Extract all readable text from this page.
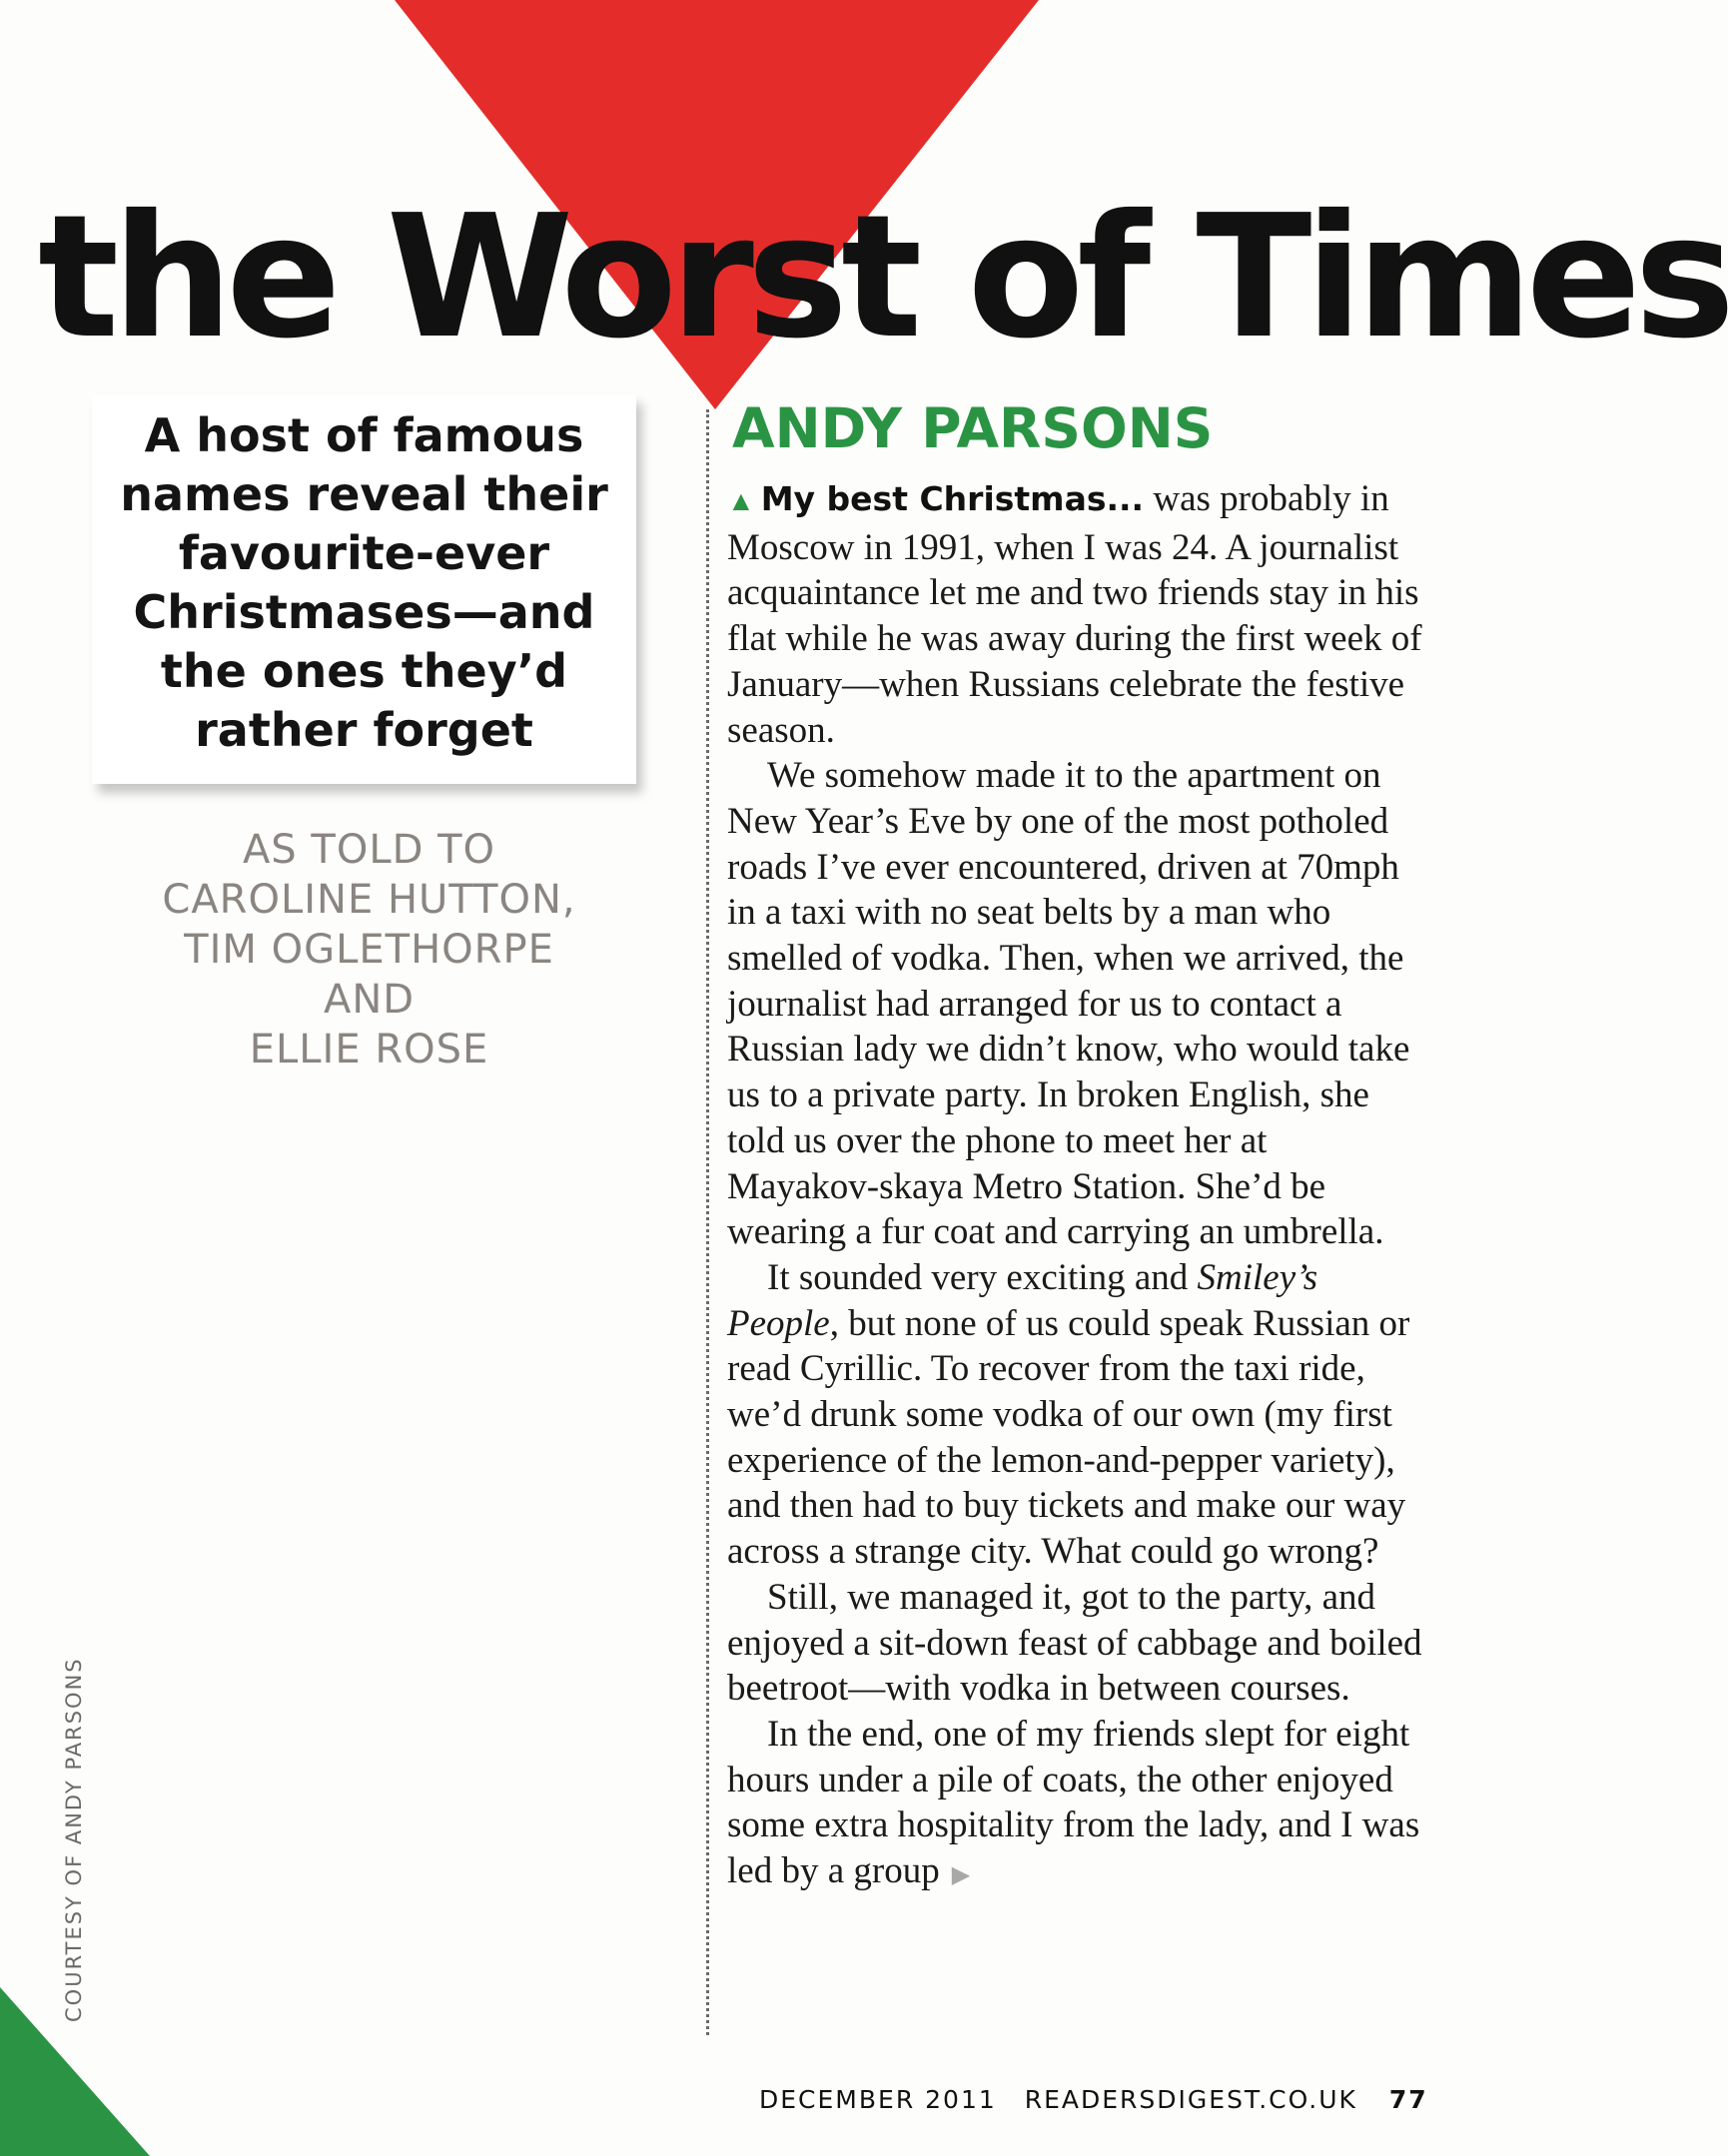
the Worst of Times

A host of famous names reveal their favourite-ever Christmases—and the ones they’d rather forget

AS TOLD TO
CAROLINE HUTTON,
TIM OGLETHORPE
AND
ELLIE ROSE
ANDY PARSONS

▲ My best Christmas... was probably in Moscow in 1991, when I was 24. A journalist acquaintance let me and two friends stay in his flat while he was away during the first week of January—when Russians celebrate the festive season.

We somehow made it to the apartment on New Year’s Eve by one of the most potholed roads I’ve ever encountered, driven at 70mph in a taxi with no seat belts by a man who smelled of vodka. Then, when we arrived, the journalist had arranged for us to contact a Russian lady we didn’t know, who would take us to a private party. In broken English, she told us over the phone to meet her at Mayakov-skaya Metro Station. She’d be wearing a fur coat and carrying an umbrella.

It sounded very exciting and Smiley’s People, but none of us could speak Russian or read Cyrillic. To recover from the taxi ride, we’d drunk some vodka of our own (my first experience of the lemon-and-pepper variety), and then had to buy tickets and make our way across a strange city. What could go wrong?

Still, we managed it, got to the party, and enjoyed a sit-down feast of cabbage and boiled beetroot—with vodka in between courses.

In the end, one of my friends slept for eight hours under a pile of coats, the other enjoyed some extra hospitality from the lady, and I was led by a group ▶

COURTESY OF ANDY PARSONS
DECEMBER 2011 READERSDIGEST.CO.UK 77
